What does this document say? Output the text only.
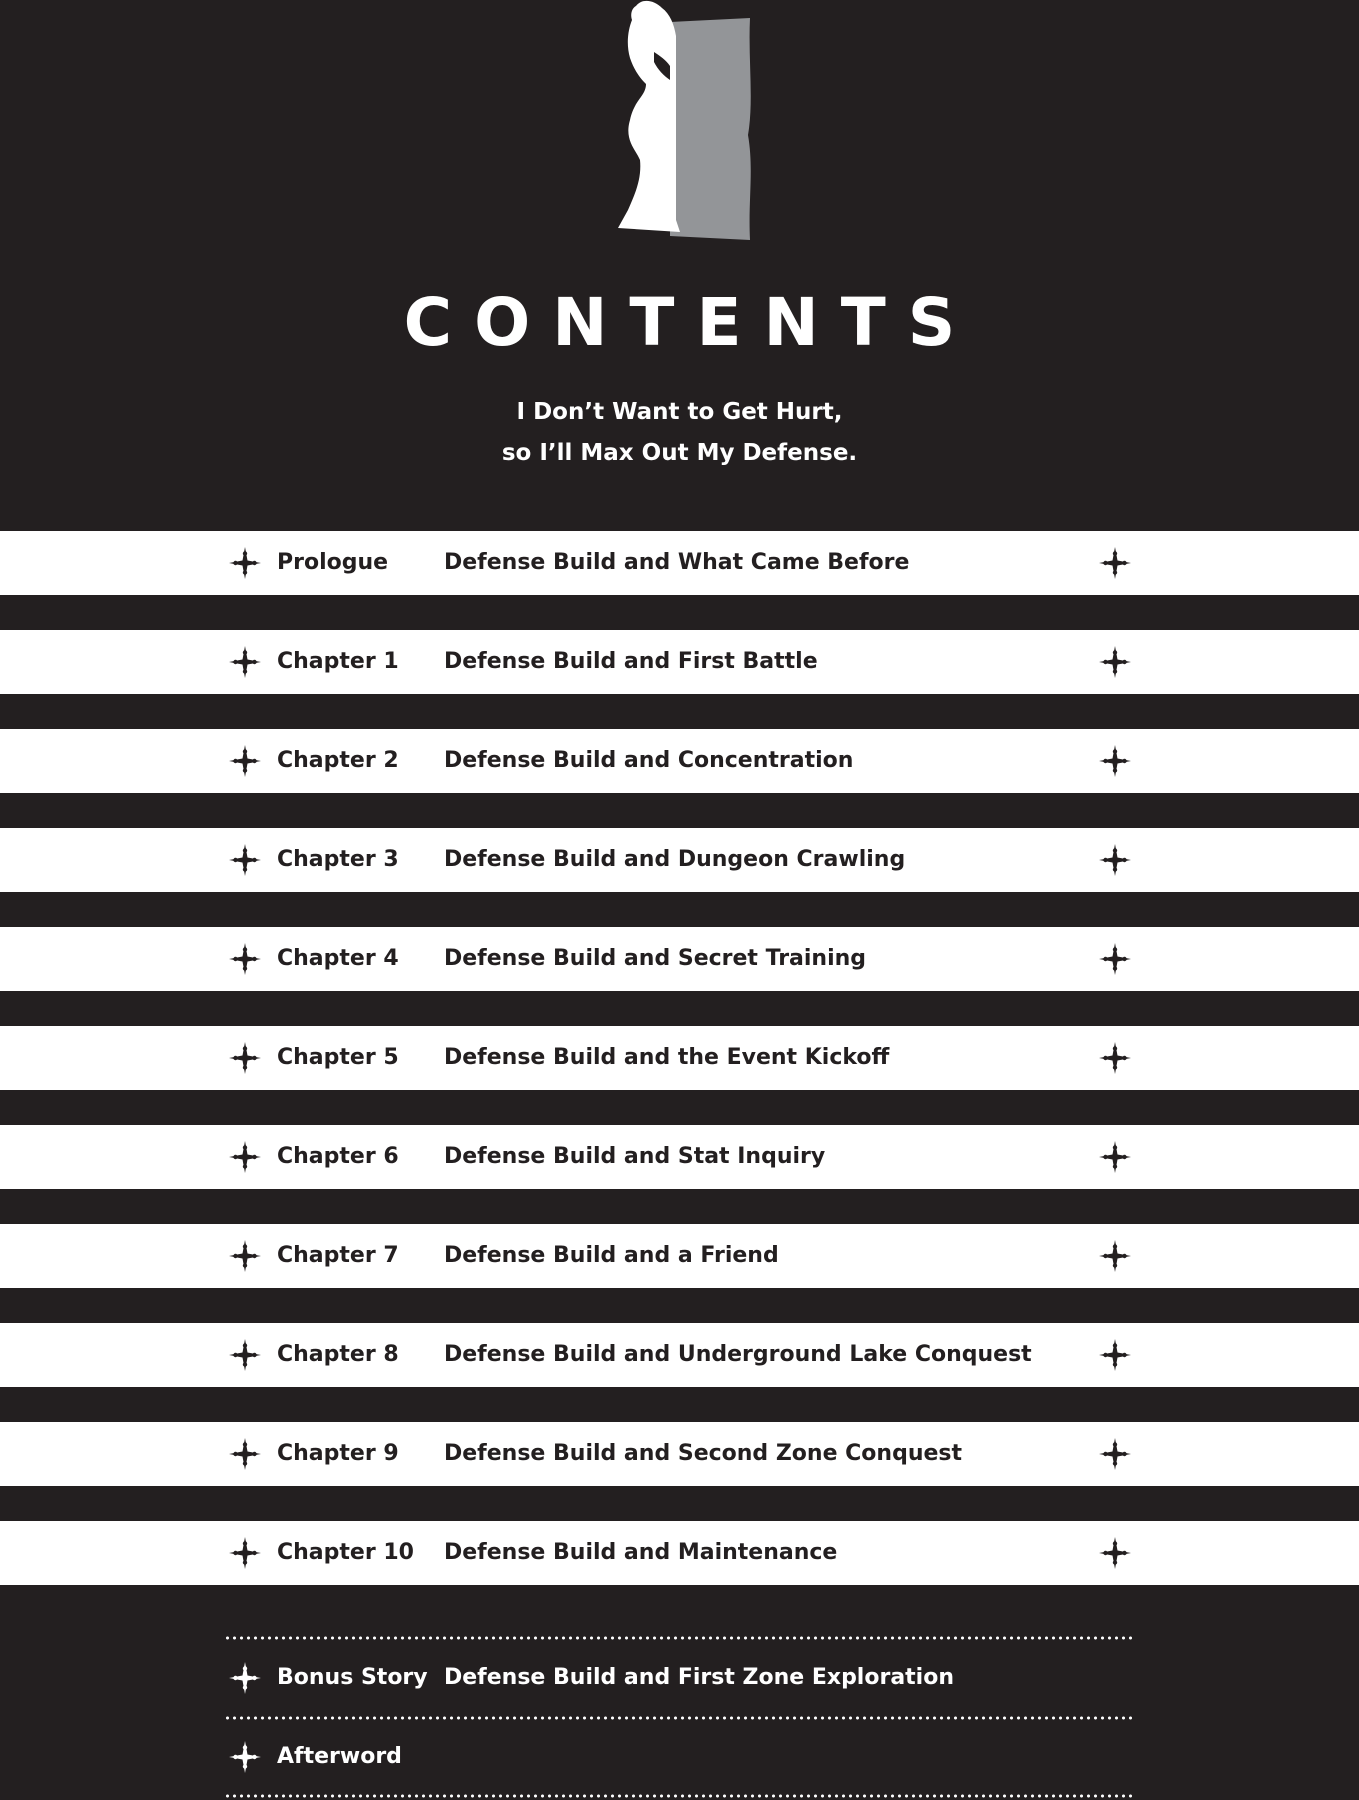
CONTENTS
I Don’t Want to Get Hurt,
so I’ll Max Out My Defense.
Prologue	Defense Build and What Came Before
Chapter 1 Defense Build and First Battle
Chapter 2 Defense Build and Concentration
Chapter 3 Defense Build and Dungeon Crawling
Chapter 4 Defense Build and Secret Training
Chapter 5 Defense Build and the Event Kickoff
Chapter 6 Defense Build and Stat Inquiry
Chapter 7 Defense Build and a Friend
Chapter 8 Defense Build and Underground Lake Conquest
Chapter 9 Defense Build and Second Zone Conquest
Chapter 10 Defense Build and Maintenance
Bonus Story Defense Build and First Zone Exploration
Afterword
